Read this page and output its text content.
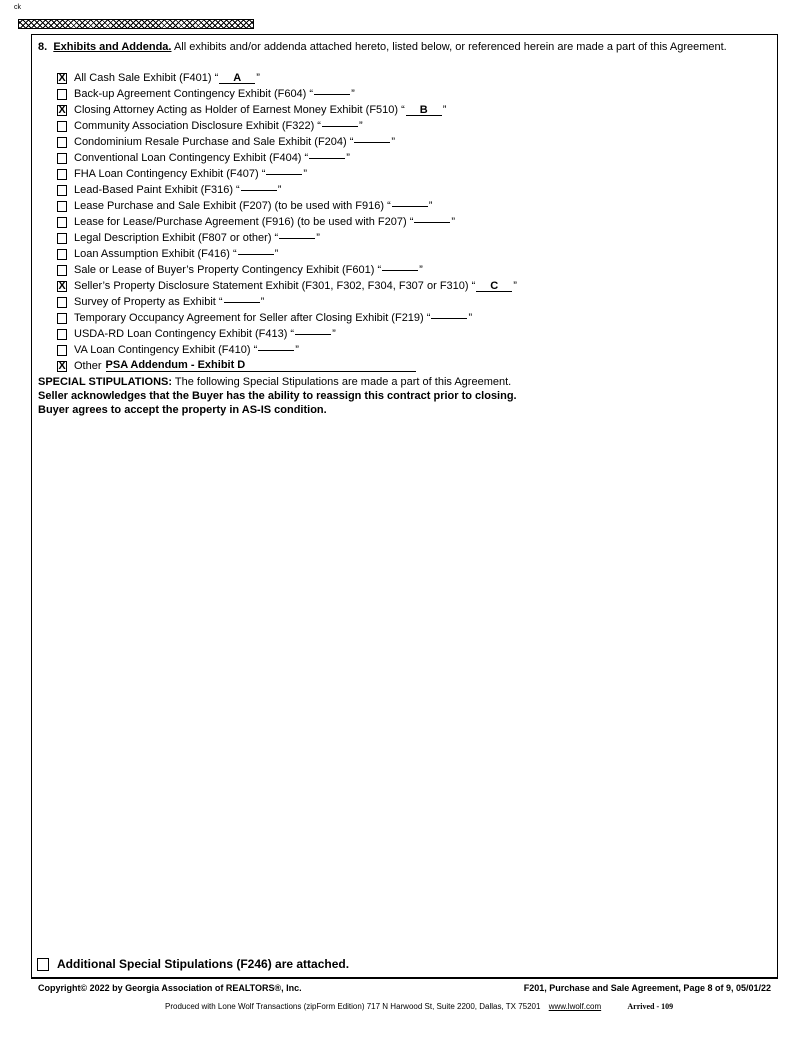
ck
8. Exhibits and Addenda. All exhibits and/or addenda attached hereto, listed below, or referenced herein are made a part of this Agreement.
X All Cash Sale Exhibit (F401) “	A	”
Back-up Agreement Contingency Exhibit (F604) “	”
X Closing Attorney Acting as Holder of Earnest Money Exhibit (F510) “	B	”
Community Association Disclosure Exhibit (F322) “	”
Condominium Resale Purchase and Sale Exhibit (F204) “	”
Conventional Loan Contingency Exhibit (F404) “	”
FHA Loan Contingency Exhibit (F407) “	”
Lead-Based Paint Exhibit (F316) “	”
Lease Purchase and Sale Exhibit (F207) (to be used with F916) “	”
Lease for Lease/Purchase Agreement (F916) (to be used with F207) “	”
Legal Description Exhibit (F807 or other) “	”
Loan Assumption Exhibit (F416) “	”
Sale or Lease of Buyer’s Property Contingency Exhibit (F601) “	”
X Seller’s Property Disclosure Statement Exhibit (F301, F302, F304, F307 or F310) “	C	”
Survey of Property as Exhibit “	”
Temporary Occupancy Agreement for Seller after Closing Exhibit (F219) “	”
USDA-RD Loan Contingency Exhibit (F413) “	”
VA Loan Contingency Exhibit (F410) “	”
X Other PSA Addendum - Exhibit D
SPECIAL STIPULATIONS: The following Special Stipulations are made a part of this Agreement.
Seller acknowledges that the Buyer has the ability to reassign this contract prior to closing.
Buyer agrees to accept the property in AS-IS condition.
Additional Special Stipulations (F246) are attached.
Copyright© 2022 by Georgia Association of REALTORS®, Inc.	F201, Purchase and Sale Agreement, Page 8 of 9, 05/01/22
Produced with Lone Wolf Transactions (zipForm Edition) 717 N Harwood St, Suite 2200, Dallas, TX 75201 www.lwolf.com	Arrived - 109
